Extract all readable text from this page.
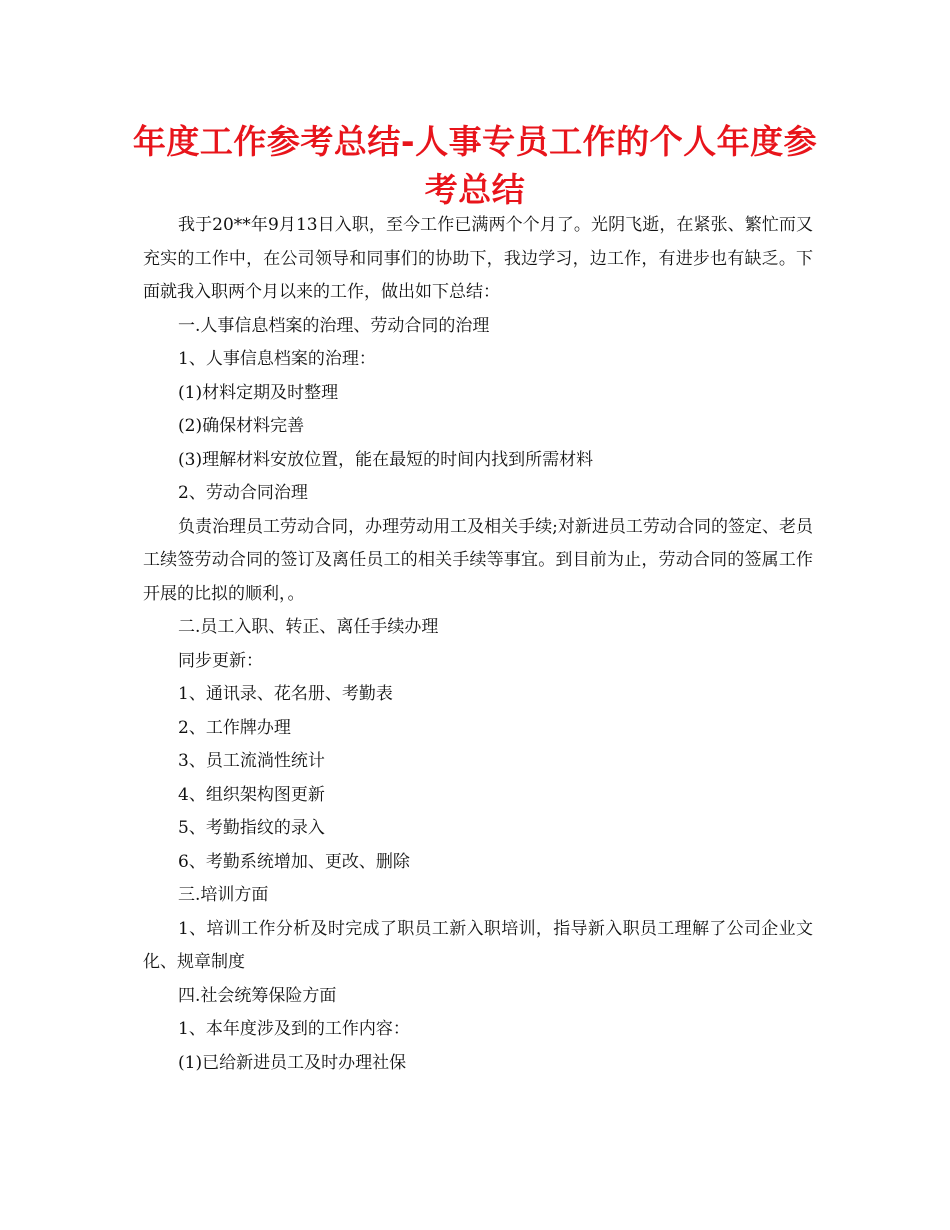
年度工作参考总结-人事专员工作的个人年度参考总结

我于20**年9月13日入职，至今工作已满两个个月了。光阴飞逝，在紧张、繁忙而又充实的工作中，在公司领导和同事们的协助下，我边学习，边工作，有进步也有缺乏。下面就我入职两个月以来的工作，做出如下总结：

一.人事信息档案的治理、劳动合同的治理

1、人事信息档案的治理：

(1)材料定期及时整理

(2)确保材料完善

(3)理解材料安放位置，能在最短的时间内找到所需材料

2、劳动合同治理

负责治理员工劳动合同，办理劳动用工及相关手续;对新进员工劳动合同的签定、老员工续签劳动合同的签订及离任员工的相关手续等事宜。到目前为止，劳动合同的签属工作开展的比拟的顺利，。

二.员工入职、转正、离任手续办理

同步更新：

1、通讯录、花名册、考勤表

2、工作牌办理

3、员工流淌性统计

4、组织架构图更新

5、考勤指纹的录入

6、考勤系统增加、更改、删除

三.培训方面

1、培训工作分析及时完成了职员工新入职培训，指导新入职员工理解了公司企业文化、规章制度

四.社会统筹保险方面

1、本年度涉及到的工作内容：

(1)已给新进员工及时办理社保
